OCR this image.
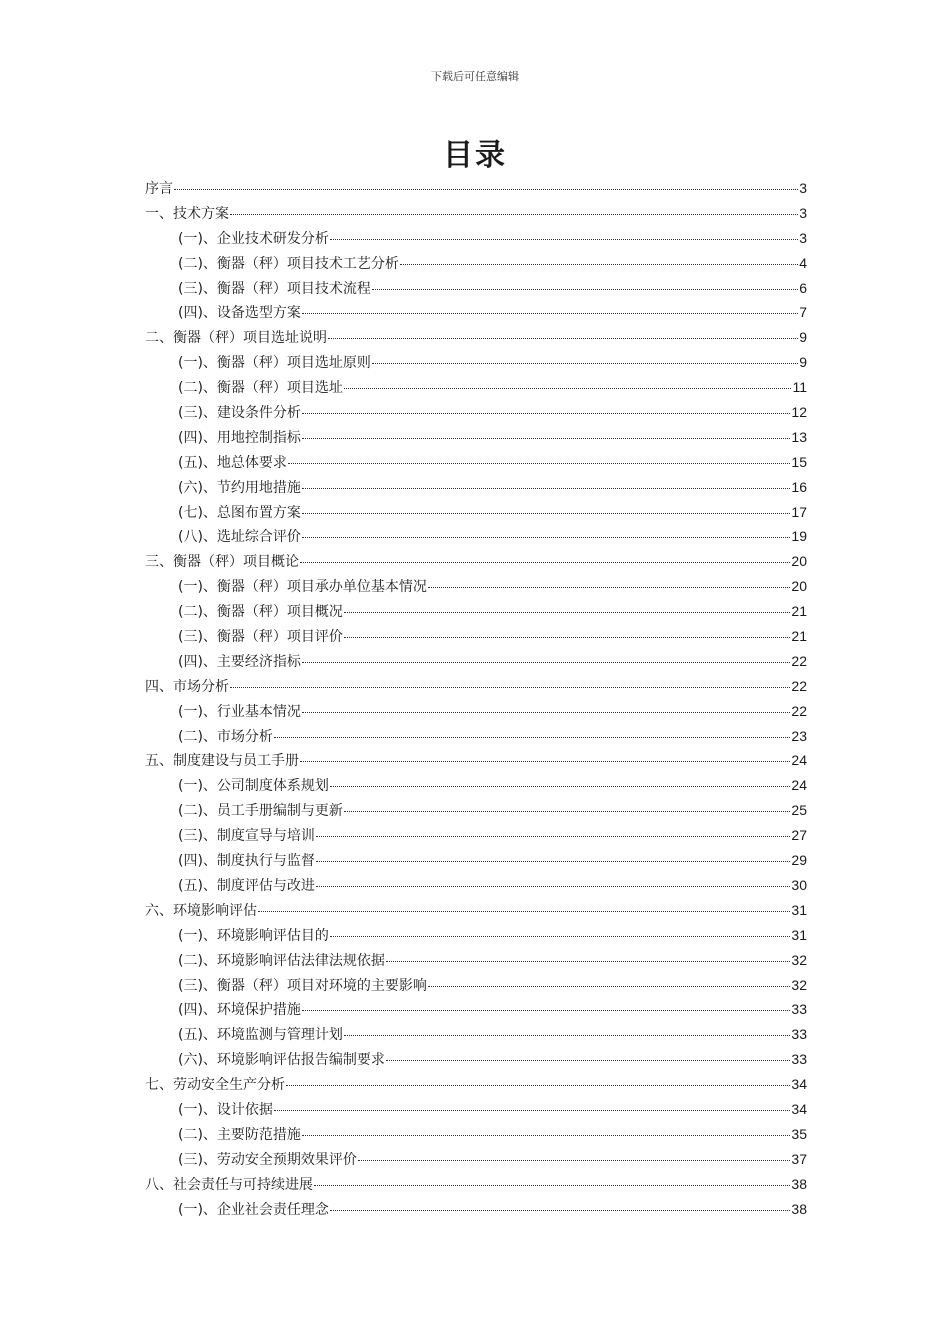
下载后可任意编辑
目录
序言	3
一、技术方案	3
(一)、企业技术研发分析	3
(二)、衡器（秤）项目技术工艺分析	4
(三)、衡器（秤）项目技术流程	6
(四)、设备选型方案	7
二、衡器（秤）项目选址说明	9
(一)、衡器（秤）项目选址原则	9
(二)、衡器（秤）项目选址	11
(三)、建设条件分析	12
(四)、用地控制指标	13
(五)、地总体要求	15
(六)、节约用地措施	16
(七)、总图布置方案	17
(八)、选址综合评价	19
三、衡器（秤）项目概论	20
(一)、衡器（秤）项目承办单位基本情况	20
(二)、衡器（秤）项目概况	21
(三)、衡器（秤）项目评价	21
(四)、主要经济指标	22
四、市场分析	22
(一)、行业基本情况	22
(二)、市场分析	23
五、制度建设与员工手册	24
(一)、公司制度体系规划	24
(二)、员工手册编制与更新	25
(三)、制度宣导与培训	27
(四)、制度执行与监督	29
(五)、制度评估与改进	30
六、环境影响评估	31
(一)、环境影响评估目的	31
(二)、环境影响评估法律法规依据	32
(三)、衡器（秤）项目对环境的主要影响	32
(四)、环境保护措施	33
(五)、环境监测与管理计划	33
(六)、环境影响评估报告编制要求	33
七、劳动安全生产分析	34
(一)、设计依据	34
(二)、主要防范措施	35
(三)、劳动安全预期效果评价	37
八、社会责任与可持续进展	38
(一)、企业社会责任理念	38
